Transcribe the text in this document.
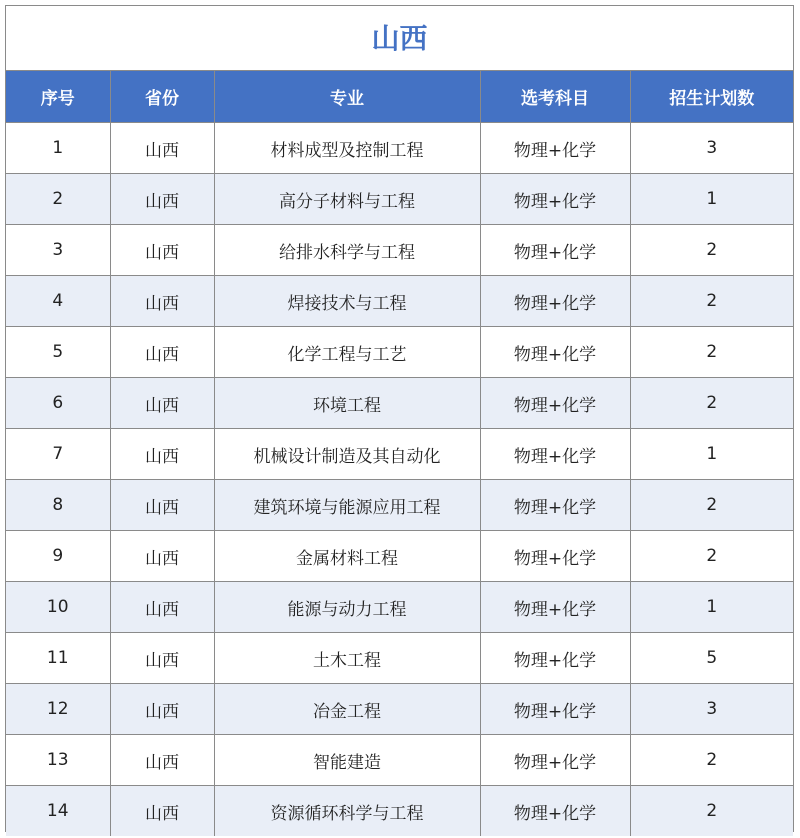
山西
序号	省份	专业	选考科目	招生计划数
1	山西	材料成型及控制工程	物理+化学	3
2	山西	高分子材料与工程	物理+化学	1
3	山西	给排水科学与工程	物理+化学	2
4	山西	焊接技术与工程	物理+化学	2
5	山西	化学工程与工艺	物理+化学	2
6	山西	环境工程	物理+化学	2
7	山西	机械设计制造及其自动化	物理+化学	1
8	山西	建筑环境与能源应用工程	物理+化学	2
9	山西	金属材料工程	物理+化学	2
10	山西	能源与动力工程	物理+化学	1
11	山西	土木工程	物理+化学	5
12	山西	冶金工程	物理+化学	3
13	山西	智能建造	物理+化学	2
14	山西	资源循环科学与工程	物理+化学	2
